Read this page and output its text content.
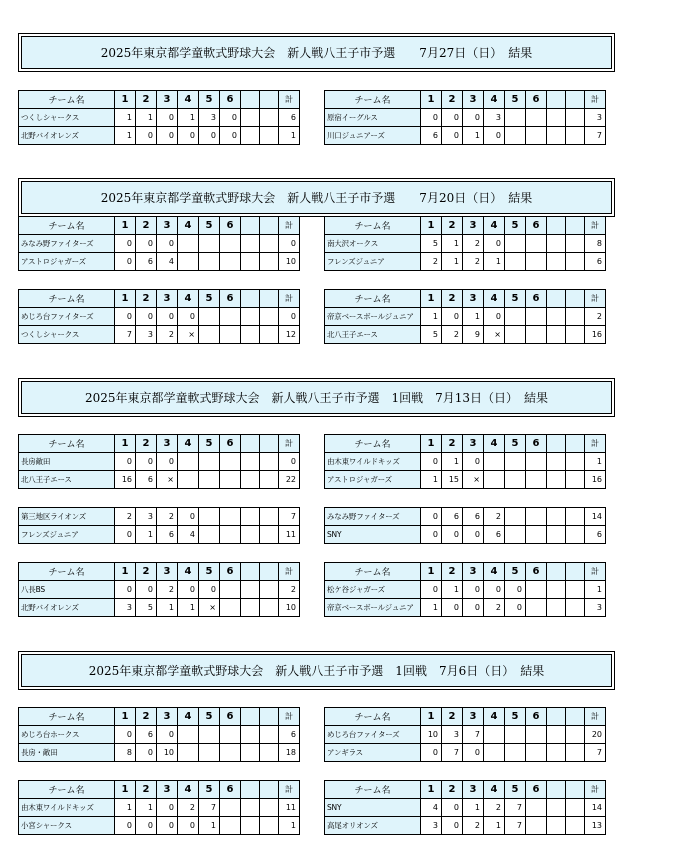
2025年東京都学童軟式野球大会　新人戦八王子市予選　　7月27日（日）　結果
チーム名	1	2	3	4	5	6			計
つくしシャークス	1	1	0	1	3	0			6
北野バイオレンズ	1	0	0	0	0	0			1
チーム名	1	2	3	4	5	6			計
原宿イーグルス	0	0	0	3					3
川口ジュニアーズ	6	0	1	0					7
2025年東京都学童軟式野球大会　新人戦八王子市予選　　7月20日（日）　結果
チーム名	1	2	3	4	5	6			計
みなみ野ファイターズ	0	0	0						0
アストロジャガーズ	0	6	4						10
チーム名	1	2	3	4	5	6			計
南大沢オークス	5	1	2	0					8
フレンズジュニア	2	1	2	1					6
チーム名	1	2	3	4	5	6			計
めじろ台ファイターズ	0	0	0	0					0
つくしシャークス	7	3	2	×					12
チーム名	1	2	3	4	5	6			計
帝京ベースボールジュニア	1	0	1	0					2
北八王子エース	5	2	9	×					16
2025年東京都学童軟式野球大会　新人戦八王子市予選　1回戦　7月13日（日）　結果
チーム名	1	2	3	4	5	6			計
長房敵田	0	0	0						0
北八王子エース	16	6	×						22
チーム名	1	2	3	4	5	6			計
由木東ワイルドキッズ	0	1	0						1
アストロジャガーズ	1	15	×						16
第三地区ライオンズ	2	3	2	0					7
フレンズジュニア	0	1	6	4					11
みなみ野ファイターズ	0	6	6	2					14
SNY	0	0	0	6					6
チーム名	1	2	3	4	5	6			計
八長BS	0	0	2	0	0				2
北野バイオレンズ	3	5	1	1	×				10
チーム名	1	2	3	4	5	6			計
松ケ谷ジャガーズ	0	1	0	0	0				1
帝京ベースボールジュニア	1	0	0	2	0				3
2025年東京都学童軟式野球大会　新人戦八王子市予選　1回戦　7月6日（日）　結果
チーム名	1	2	3	4	5	6			計
めじろ台ホークス	0	6	0						6
長房・敵田	8	0	10						18
チーム名	1	2	3	4	5	6			計
めじろ台ファイターズ	10	3	7						20
アンギラス	0	7	0						7
チーム名	1	2	3	4	5	6			計
由木東ワイルドキッズ	1	1	0	2	7				11
小宮シャークス	0	0	0	0	1				1
チーム名	1	2	3	4	5	6			計
SNY	4	0	1	2	7				14
高尾オリオンズ	3	0	2	1	7				13
